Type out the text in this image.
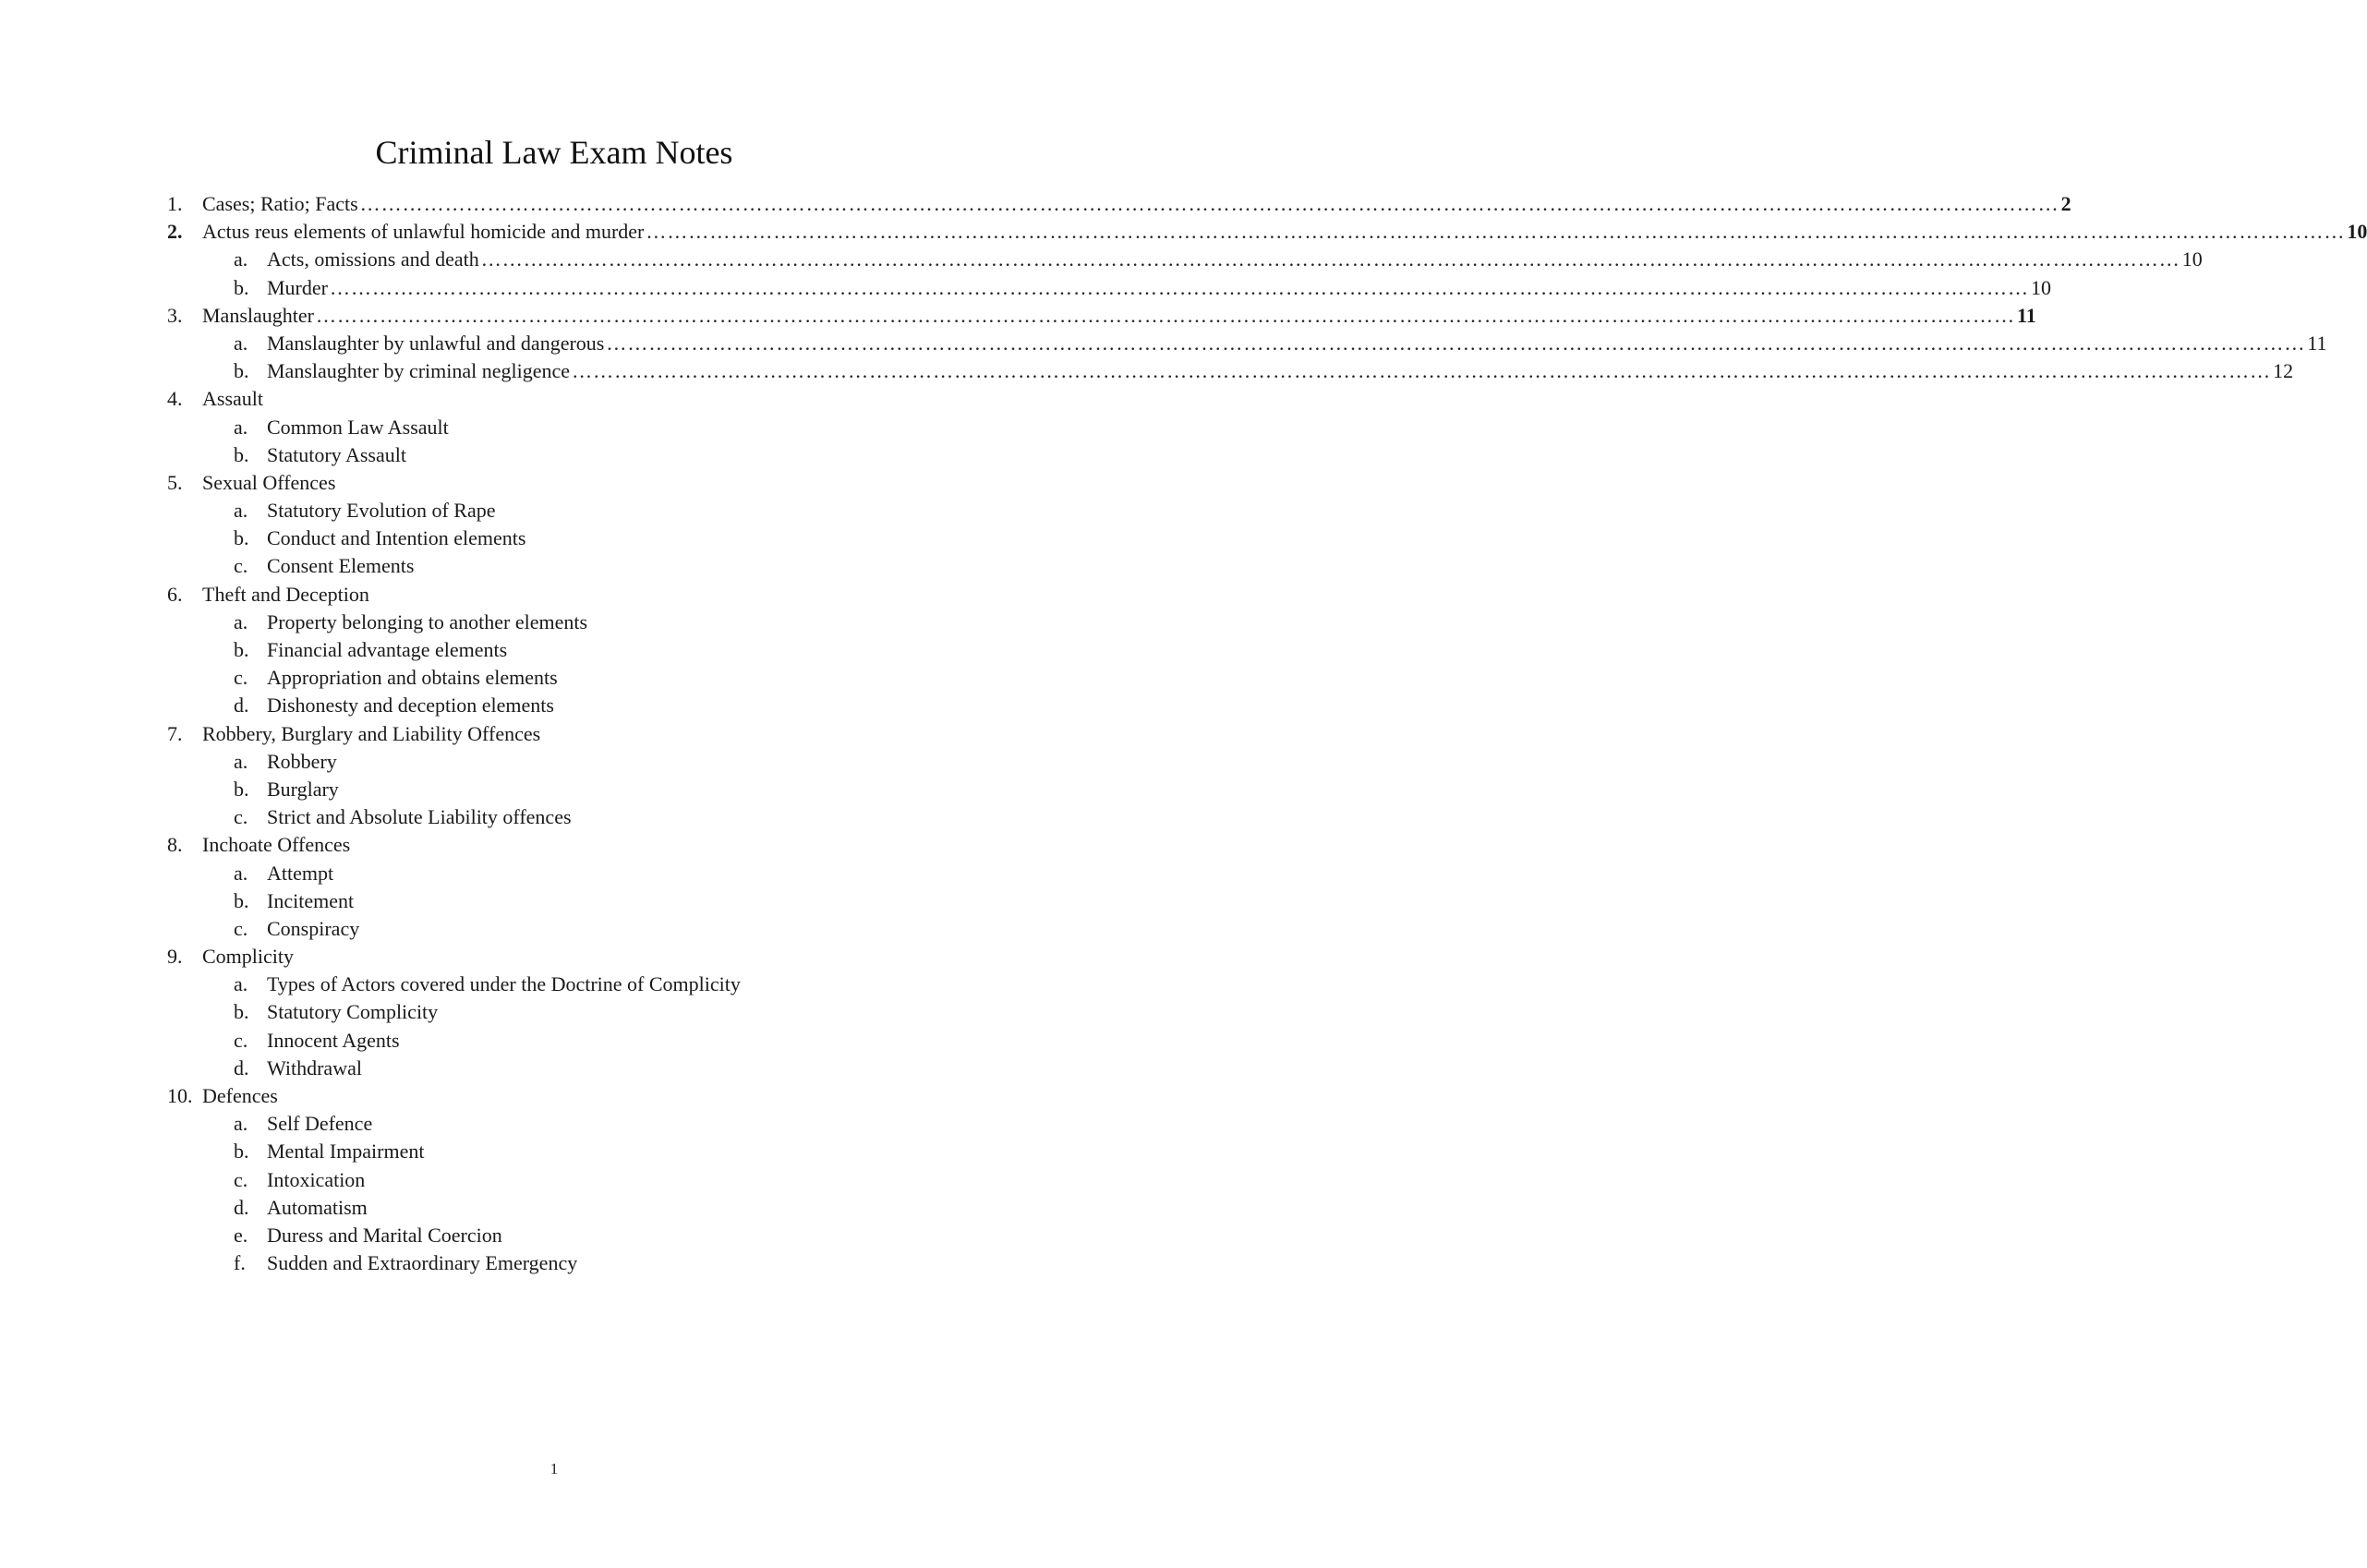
Criminal Law Exam Notes
1. Cases; Ratio; Facts …………………………………………………………………………………………………………………………………………………………………………………………………………………… 2
2. Actus reus elements of unlawful homicide and murder …………………………………………………………………………………………………………………………………………………………………………………………………………………… 10
a. Acts, omissions and death …………………………………………………………………………………………………………………………………………………………………………………………………………………… 10
b. Murder …………………………………………………………………………………………………………………………………………………………………………………………………………………… 10
3. Manslaughter …………………………………………………………………………………………………………………………………………………………………………………………………………………… 11
a. Manslaughter by unlawful and dangerous …………………………………………………………………………………………………………………………………………………………………………………………………………………… 11
b. Manslaughter by criminal negligence …………………………………………………………………………………………………………………………………………………………………………………………………………………… 12
4. Assault
a. Common Law Assault
b. Statutory Assault
5. Sexual Offences
a. Statutory Evolution of Rape
b. Conduct and Intention elements
c. Consent Elements
6. Theft and Deception
a. Property belonging to another elements
b. Financial advantage elements
c. Appropriation and obtains elements
d. Dishonesty and deception elements
7. Robbery, Burglary and Liability Offences
a. Robbery
b. Burglary
c. Strict and Absolute Liability offences
8. Inchoate Offences
a. Attempt
b. Incitement
c. Conspiracy
9. Complicity
a. Types of Actors covered under the Doctrine of Complicity
b. Statutory Complicity
c. Innocent Agents
d. Withdrawal
10. Defences
a. Self Defence
b. Mental Impairment
c. Intoxication
d. Automatism
e. Duress and Marital Coercion
f.	Sudden and Extraordinary Emergency
1
